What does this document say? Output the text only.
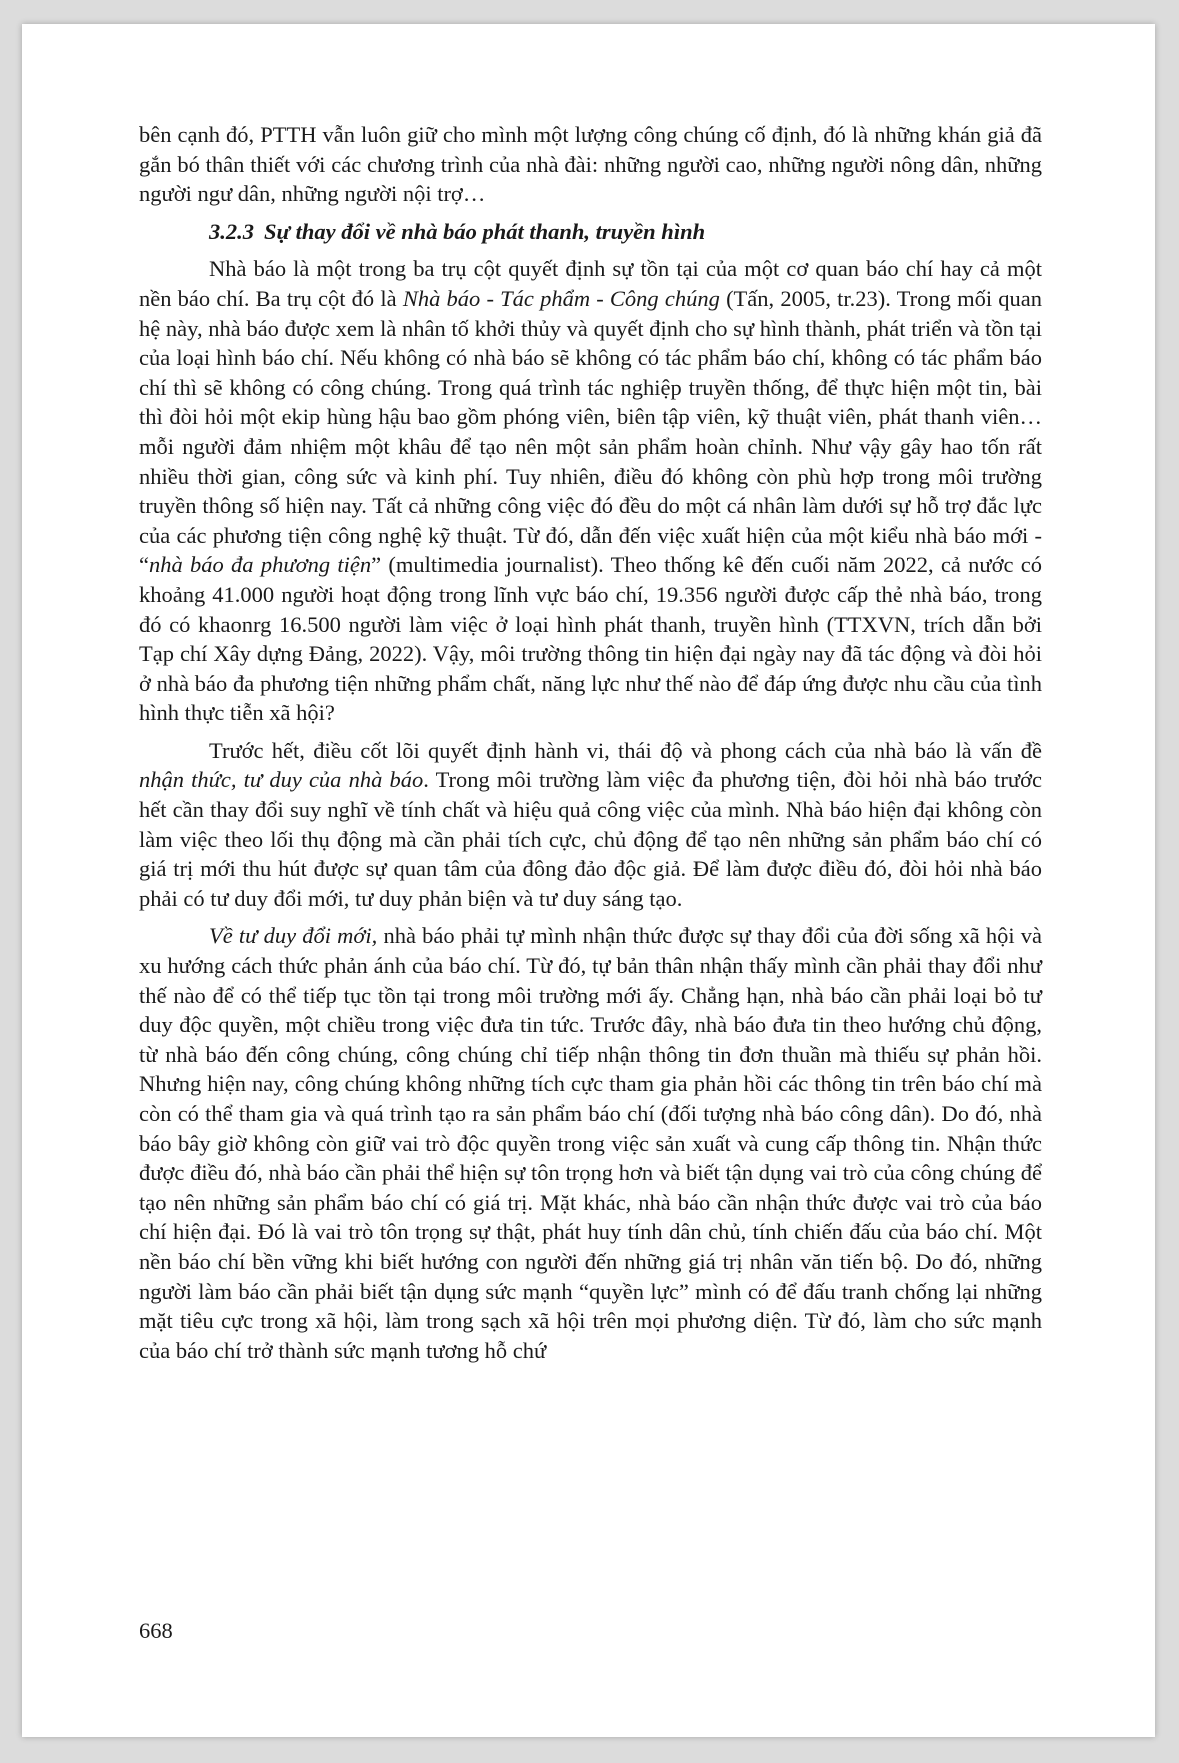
bên cạnh đó, PTTH vẫn luôn giữ cho mình một lượng công chúng cố định, đó là những khán giả đã gắn bó thân thiết với các chương trình của nhà đài: những người cao, những người nông dân, những người ngư dân, những người nội trợ…

3.2.3 Sự thay đổi về nhà báo phát thanh, truyền hình

Nhà báo là một trong ba trụ cột quyết định sự tồn tại của một cơ quan báo chí hay cả một nền báo chí. Ba trụ cột đó là Nhà báo - Tác phẩm - Công chúng (Tấn, 2005, tr.23). Trong mối quan hệ này, nhà báo được xem là nhân tố khởi thủy và quyết định cho sự hình thành, phát triển và tồn tại của loại hình báo chí. Nếu không có nhà báo sẽ không có tác phẩm báo chí, không có tác phẩm báo chí thì sẽ không có công chúng. Trong quá trình tác nghiệp truyền thống, để thực hiện một tin, bài thì đòi hỏi một ekip hùng hậu bao gồm phóng viên, biên tập viên, kỹ thuật viên, phát thanh viên… mỗi người đảm nhiệm một khâu để tạo nên một sản phẩm hoàn chỉnh. Như vậy gây hao tốn rất nhiều thời gian, công sức và kinh phí. Tuy nhiên, điều đó không còn phù hợp trong môi trường truyền thông số hiện nay. Tất cả những công việc đó đều do một cá nhân làm dưới sự hỗ trợ đắc lực của các phương tiện công nghệ kỹ thuật. Từ đó, dẫn đến việc xuất hiện của một kiểu nhà báo mới - “nhà báo đa phương tiện” (multimedia journalist). Theo thống kê đến cuối năm 2022, cả nước có khoảng 41.000 người hoạt động trong lĩnh vực báo chí, 19.356 người được cấp thẻ nhà báo, trong đó có khaonrg 16.500 người làm việc ở loại hình phát thanh, truyền hình (TTXVN, trích dẫn bởi Tạp chí Xây dựng Đảng, 2022). Vậy, môi trường thông tin hiện đại ngày nay đã tác động và đòi hỏi ở nhà báo đa phương tiện những phẩm chất, năng lực như thế nào để đáp ứng được nhu cầu của tình hình thực tiễn xã hội?

Trước hết, điều cốt lõi quyết định hành vi, thái độ và phong cách của nhà báo là vấn đề nhận thức, tư duy của nhà báo. Trong môi trường làm việc đa phương tiện, đòi hỏi nhà báo trước hết cần thay đổi suy nghĩ về tính chất và hiệu quả công việc của mình. Nhà báo hiện đại không còn làm việc theo lối thụ động mà cần phải tích cực, chủ động để tạo nên những sản phẩm báo chí có giá trị mới thu hút được sự quan tâm của đông đảo độc giả. Để làm được điều đó, đòi hỏi nhà báo phải có tư duy đổi mới, tư duy phản biện và tư duy sáng tạo.

Về tư duy đổi mới, nhà báo phải tự mình nhận thức được sự thay đổi của đời sống xã hội và xu hướng cách thức phản ánh của báo chí. Từ đó, tự bản thân nhận thấy mình cần phải thay đổi như thế nào để có thể tiếp tục tồn tại trong môi trường mới ấy. Chẳng hạn, nhà báo cần phải loại bỏ tư duy độc quyền, một chiều trong việc đưa tin tức. Trước đây, nhà báo đưa tin theo hướng chủ động, từ nhà báo đến công chúng, công chúng chỉ tiếp nhận thông tin đơn thuần mà thiếu sự phản hồi. Nhưng hiện nay, công chúng không những tích cực tham gia phản hồi các thông tin trên báo chí mà còn có thể tham gia và quá trình tạo ra sản phẩm báo chí (đối tượng nhà báo công dân). Do đó, nhà báo bây giờ không còn giữ vai trò độc quyền trong việc sản xuất và cung cấp thông tin. Nhận thức được điều đó, nhà báo cần phải thể hiện sự tôn trọng hơn và biết tận dụng vai trò của công chúng để tạo nên những sản phẩm báo chí có giá trị. Mặt khác, nhà báo cần nhận thức được vai trò của báo chí hiện đại. Đó là vai trò tôn trọng sự thật, phát huy tính dân chủ, tính chiến đấu của báo chí. Một nền báo chí bền vững khi biết hướng con người đến những giá trị nhân văn tiến bộ. Do đó, những người làm báo cần phải biết tận dụng sức mạnh “quyền lực” mình có để đấu tranh chống lại những mặt tiêu cực trong xã hội, làm trong sạch xã hội trên mọi phương diện. Từ đó, làm cho sức mạnh của báo chí trở thành sức mạnh tương hỗ chứ

668
